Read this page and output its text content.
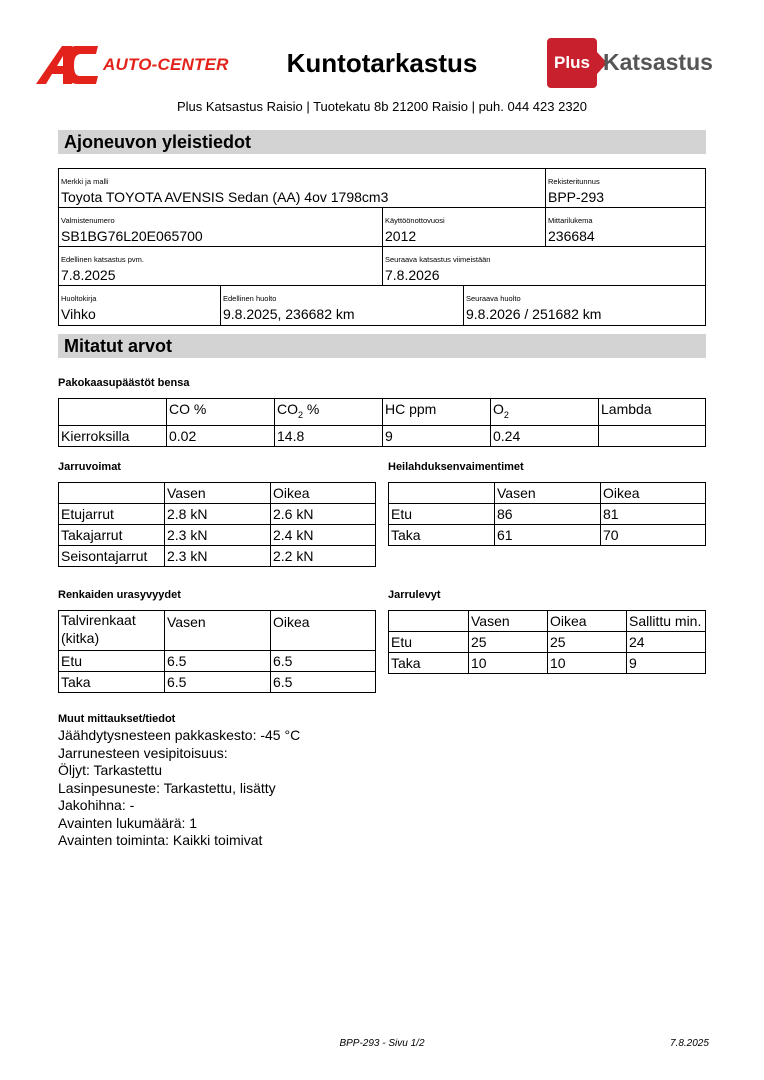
AUTO-CENTER	Kuntotarkastus	Plus Katsastus
Plus Katsastus Raisio | Tuotekatu 8b 21200 Raisio | puh. 044 423 2320
Ajoneuvon yleistiedot
Merkki ja malli
Toyota TOYOTA AVENSIS Sedan (AA) 4ov 1798cm3
Rekisteritunnus
BPP-293
Valmistenumero
SB1BG76L20E065700
Käyttöönottovuosi
2012
Mittarilukema
236684
Edellinen katsastus pvm.
7.8.2025
Seuraava katsastus viimeistään
7.8.2026
Huoltokirja
Vihko
Edellinen huolto
9.8.2025, 236682 km
Seuraava huolto
9.8.2026 / 251682 km
Mitatut arvot
Pakokaasupäästöt bensa
	CO %	$CO_2$ %	HC ppm	$O_2$	Lambda
Kierroksilla	0.02	14.8	9	0.24	
Jarruvoimat
	Vasen	Oikea
Etujarrut	2.8 kN	2.6 kN
Takajarrut	2.3 kN	2.4 kN
Seisontajarrut	2.3 kN	2.2 kN
Heilahduksenvaimentimet
	Vasen	Oikea
Etu	86	81
Taka	61	70
Renkaiden urasyvyydet
Talvirenkaat (kitka)	Vasen	Oikea
Etu	6.5	6.5
Taka	6.5	6.5
Jarrulevyt
	Vasen	Oikea	Sallittu min.
Etu	25	25	24
Taka	10	10	9
Muut mittaukset/tiedot
Jäähdytysnesteen pakkaskesto: -45 °C
Jarrunesteen vesipitoisuus:
Öljyt: Tarkastettu
Lasinpesuneste: Tarkastettu, lisätty
Jakohihna: -
Avainten lukumäärä: 1
Avainten toiminta: Kaikki toimivat
BPP-293 - Sivu 1/2	7.8.2025
